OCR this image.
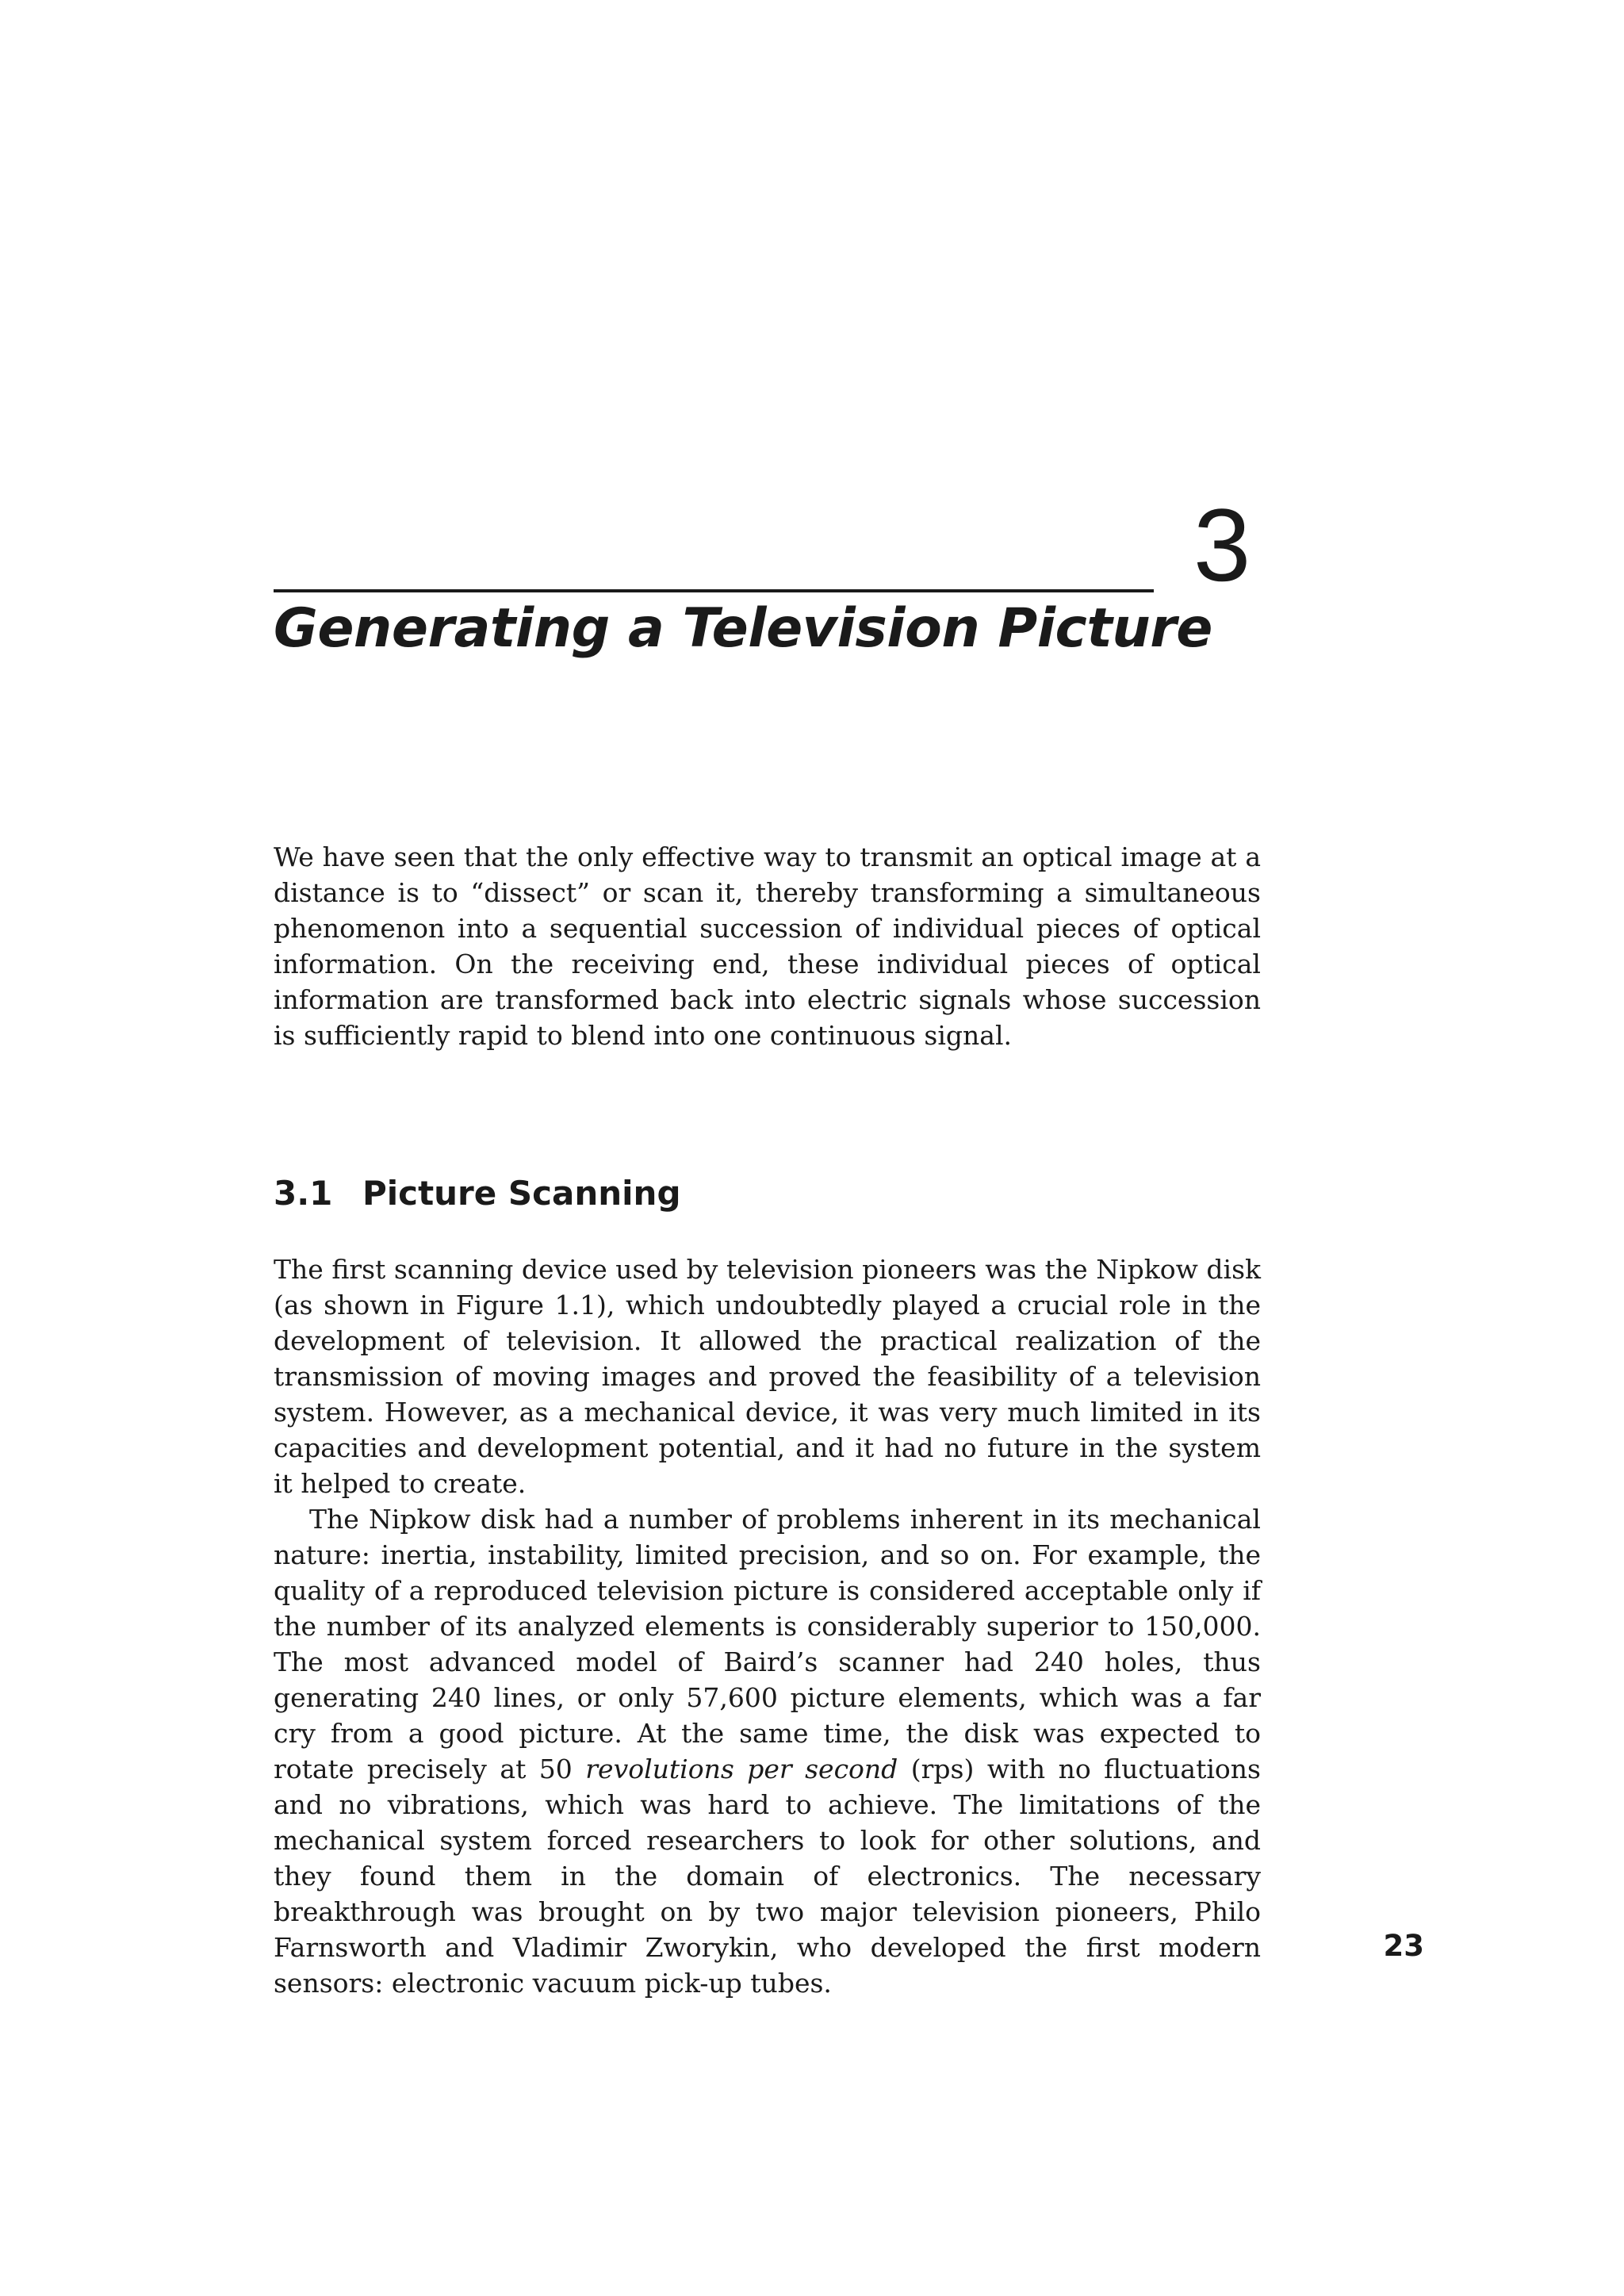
3
Generating a Television Picture

We have seen that the only effective way to transmit an optical image at a distance is to “dissect” or scan it, thereby transforming a simultaneous phenomenon into a sequential succession of individual pieces of optical information. On the receiving end, these individual pieces of optical information are transformed back into electric signals whose succession is sufficiently rapid to blend into one continuous signal.

3.1 Picture Scanning

The first scanning device used by television pioneers was the Nipkow disk (as shown in Figure 1.1), which undoubtedly played a crucial role in the development of television. It allowed the practical realization of the transmission of moving images and proved the feasibility of a television system. However, as a mechanical device, it was very much limited in its capacities and development potential, and it had no future in the system it helped to create.

The Nipkow disk had a number of problems inherent in its mechanical nature: inertia, instability, limited precision, and so on. For example, the quality of a reproduced television picture is considered acceptable only if the number of its analyzed elements is considerably superior to 150,000. The most advanced model of Baird’s scanner had 240 holes, thus generating 240 lines, or only 57,600 picture elements, which was a far cry from a good picture. At the same time, the disk was expected to rotate precisely at 50 revolutions per second (rps) with no fluctuations and no vibrations, which was hard to achieve. The limitations of the mechanical system forced researchers to look for other solutions, and they found them in the domain of electronics. The necessary breakthrough was brought on by two major television pioneers, Philo Farnsworth and Vladimir Zworykin, who developed the first modern sensors: electronic vacuum pick-up tubes.

23
